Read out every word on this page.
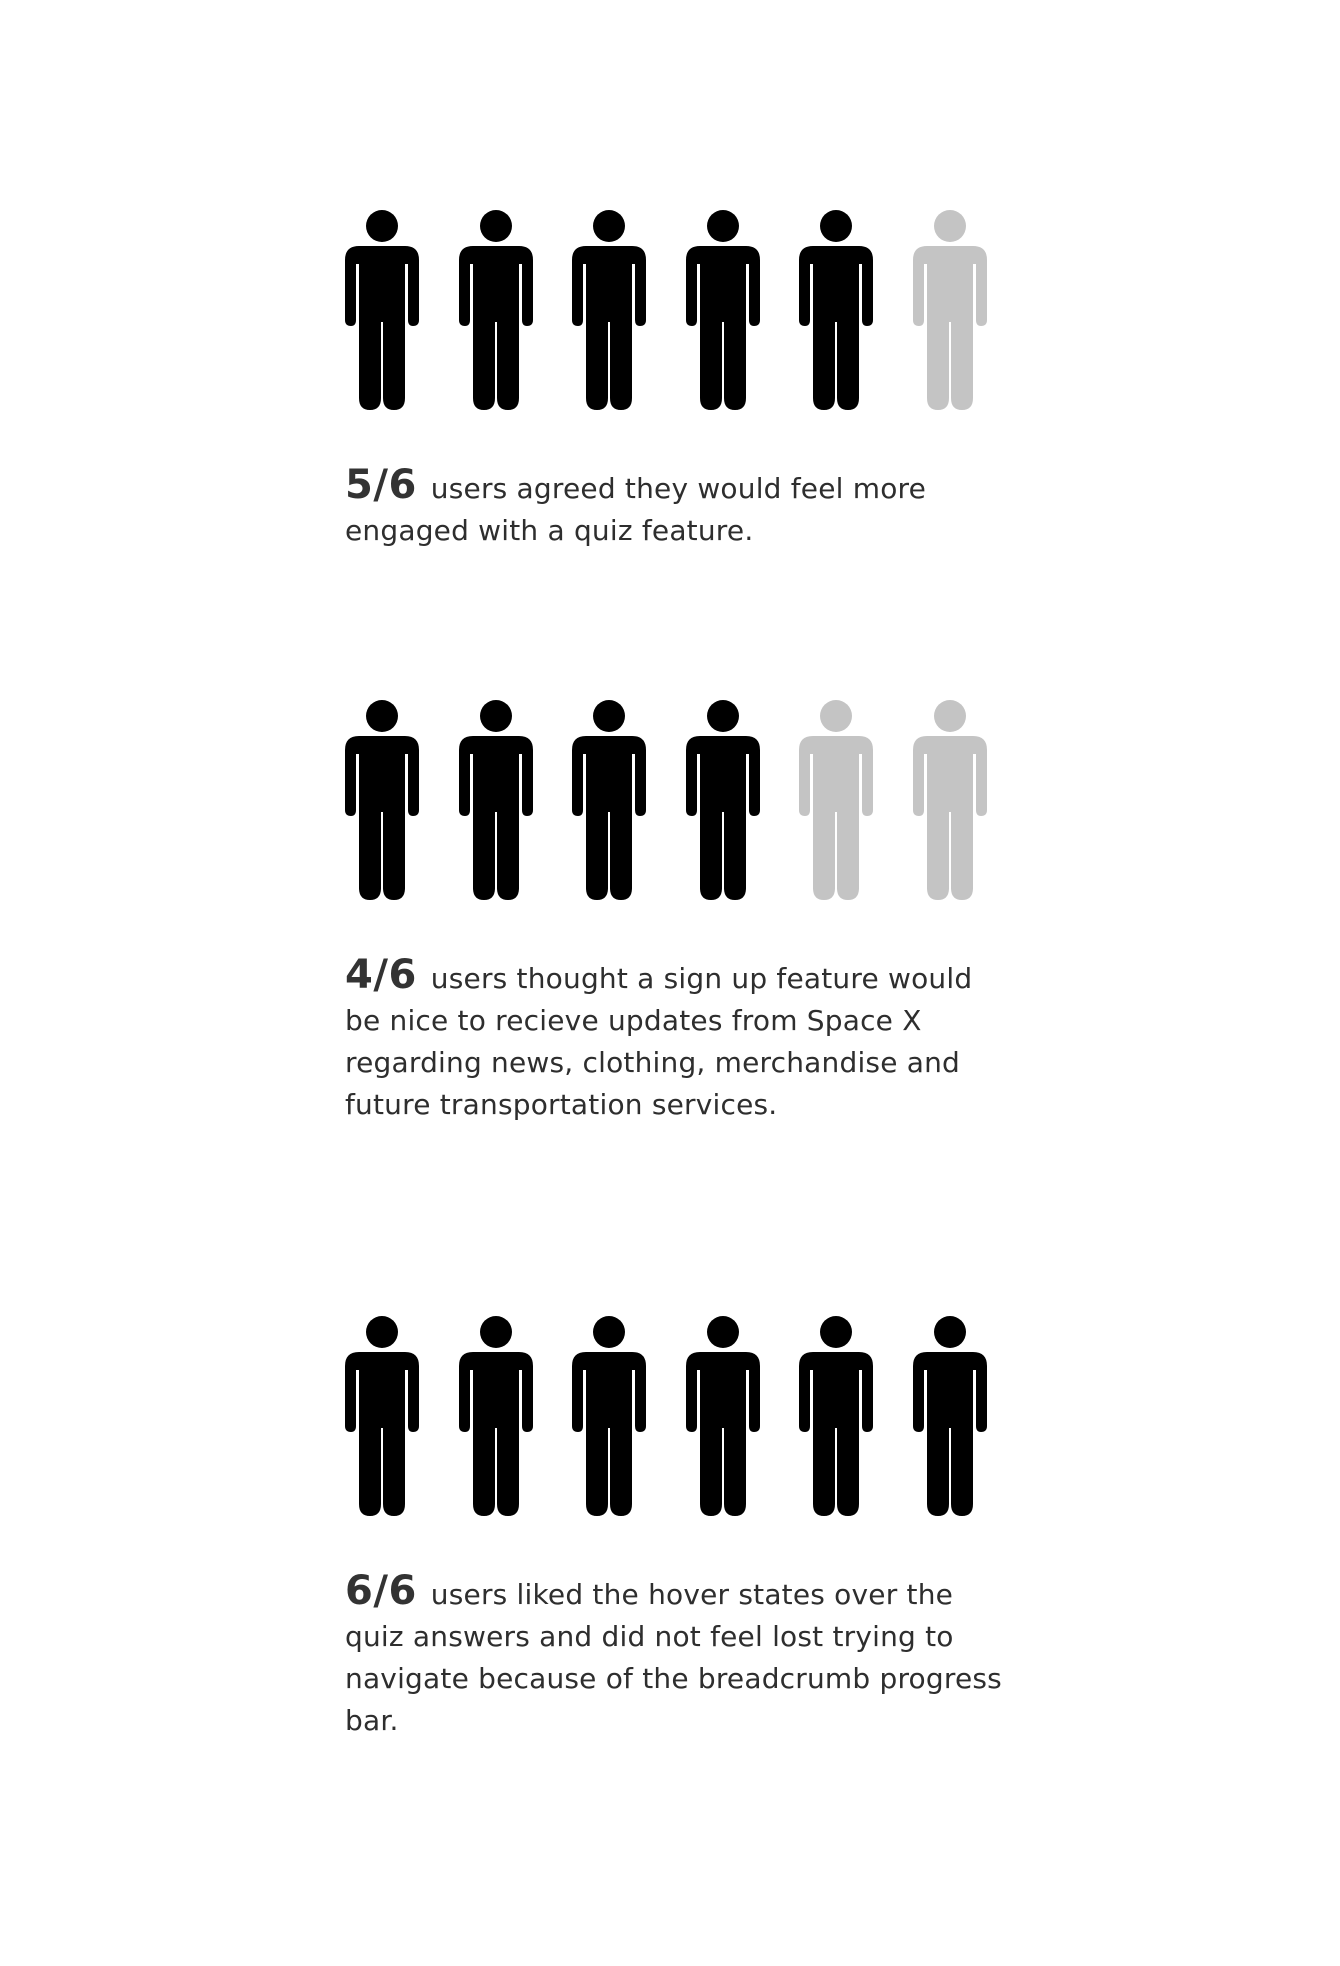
5/6 users agreed they would feel more engaged with a quiz feature.

4/6 users thought a sign up feature would be nice to recieve updates from Space X regarding news, clothing, merchandise and future transportation services.

6/6 users liked the hover states over the quiz answers and did not feel lost trying to navigate because of the breadcrumb progress bar.
